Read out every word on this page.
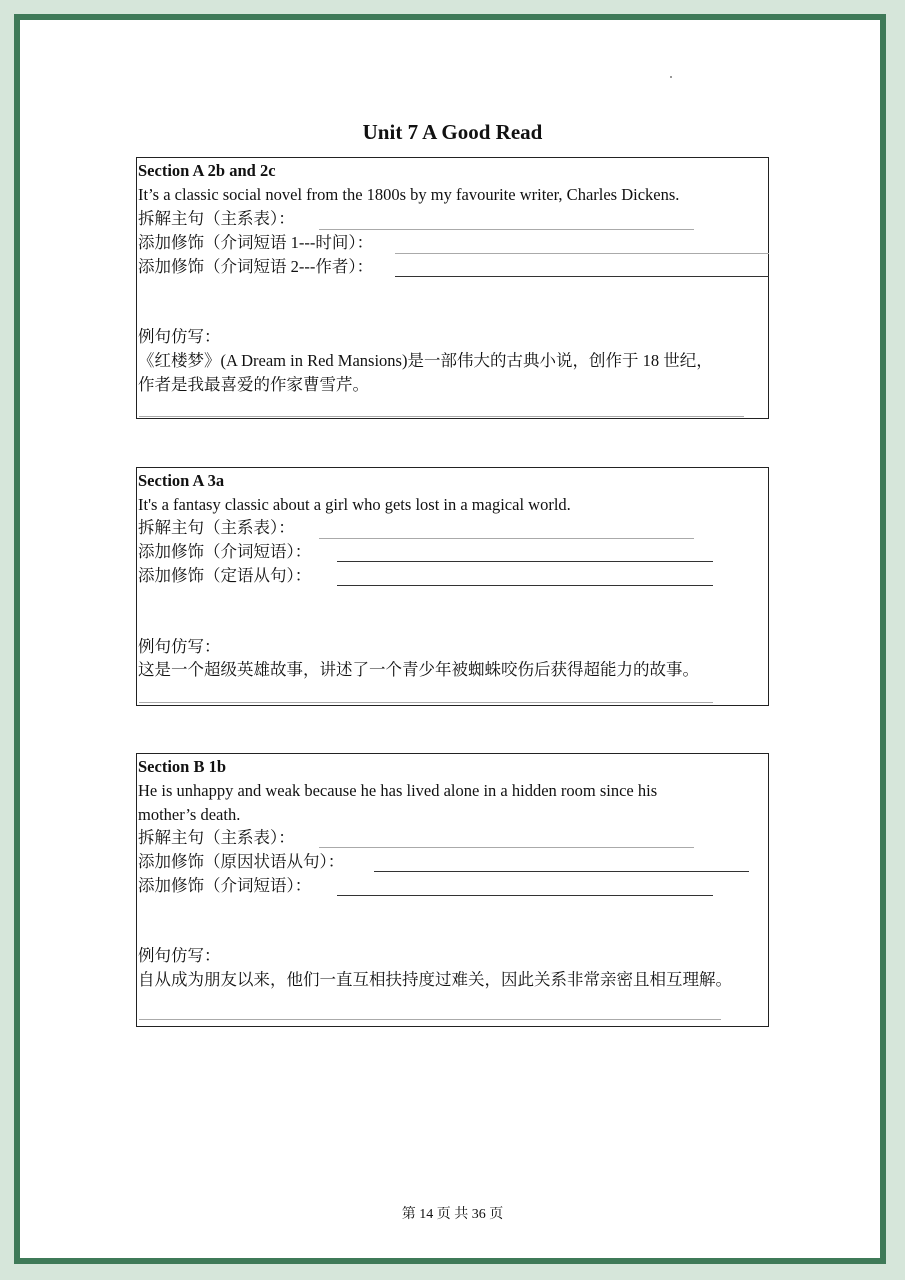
Unit 7 A Good Read
Section A 2b and 2c
It’s a classic social novel from the 1800s by my favourite writer, Charles Dickens.
拆解主句（主系表）：
添加修饰（介词短语 1---时间）：
添加修饰（介词短语 2---作者）：
例句仿写：
《红楼梦》(A Dream in Red Mansions)是一部伟大的古典小说，创作于 18 世纪，
作者是我最喜爱的作家曹雪芹。
Section A 3a
It's a fantasy classic about a girl who gets lost in a magical world.
拆解主句（主系表）：
添加修饰（介词短语）：
添加修饰（定语从句）：
例句仿写：
这是一个超级英雄故事，讲述了一个青少年被蜘蛛咬伤后获得超能力的故事。
Section B 1b
He is unhappy and weak because he has lived alone in a hidden room since his
mother’s death.
拆解主句（主系表）：
添加修饰（原因状语从句）：
添加修饰（介词短语）：
例句仿写：
自从成为朋友以来，他们一直互相扶持度过难关，因此关系非常亲密且相互理解。
第 14 页 共 36 页
